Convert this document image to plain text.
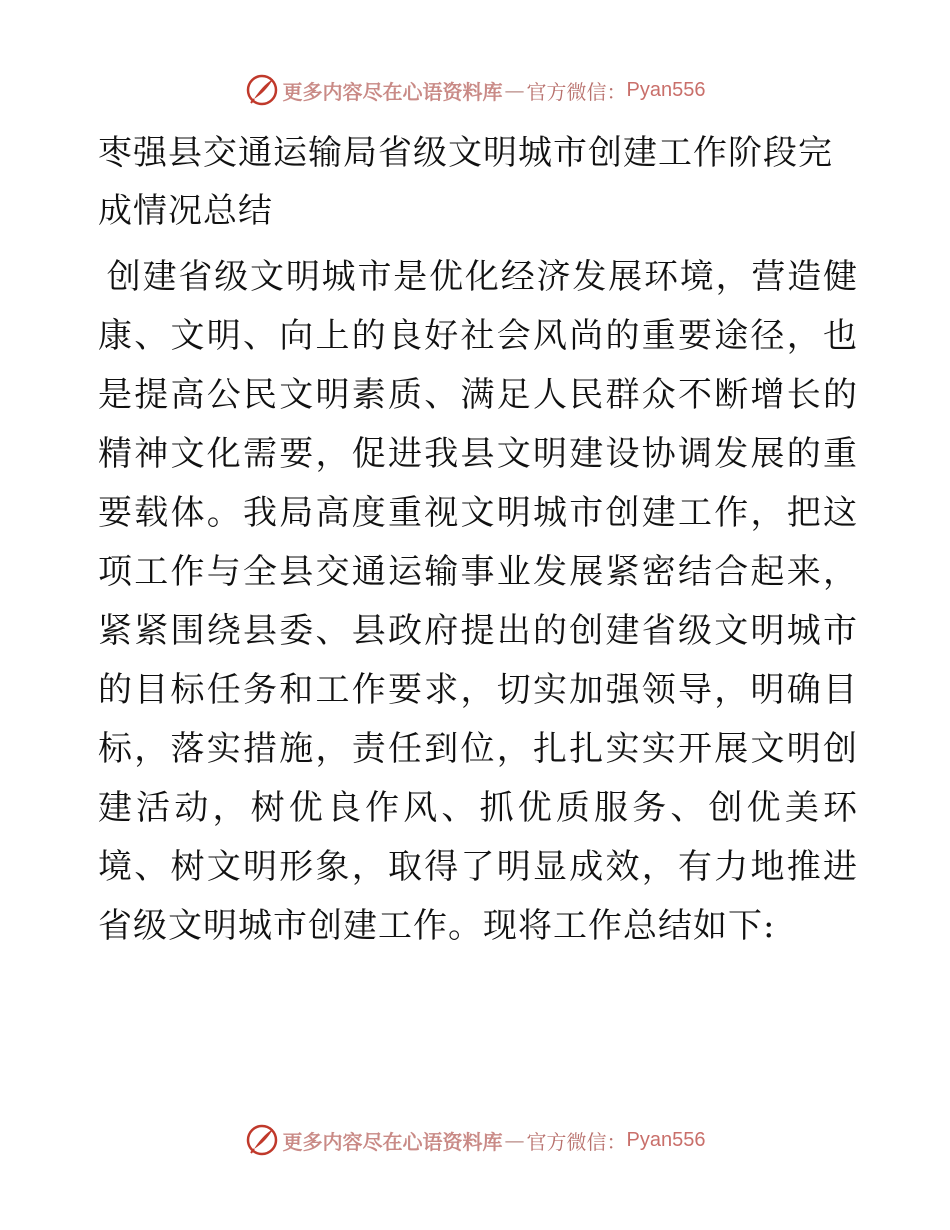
更多内容尽在心语资料库 — 官方微信： Pyan556
枣强县交通运输局省级文明城市创建工作阶段完成情况总结

创建省级文明城市是优化经济发展环境，营造健康、文明、向上的良好社会风尚的重要途径，也是提高公民文明素质、满足人民群众不断增长的精神文化需要，促进我县文明建设协调发展的重要载体。我局高度重视文明城市创建工作，把这项工作与全县交通运输事业发展紧密结合起来，紧紧围绕县委、县政府提出的创建省级文明城市的目标任务和工作要求，切实加强领导，明确目标，落实措施，责任到位，扎扎实实开展文明创建活动，树优良作风、抓优质服务、创优美环境、树文明形象，取得了明显成效，有力地推进省级文明城市创建工作。现将工作总结如下:

更多内容尽在心语资料库 — 官方微信： Pyan556
